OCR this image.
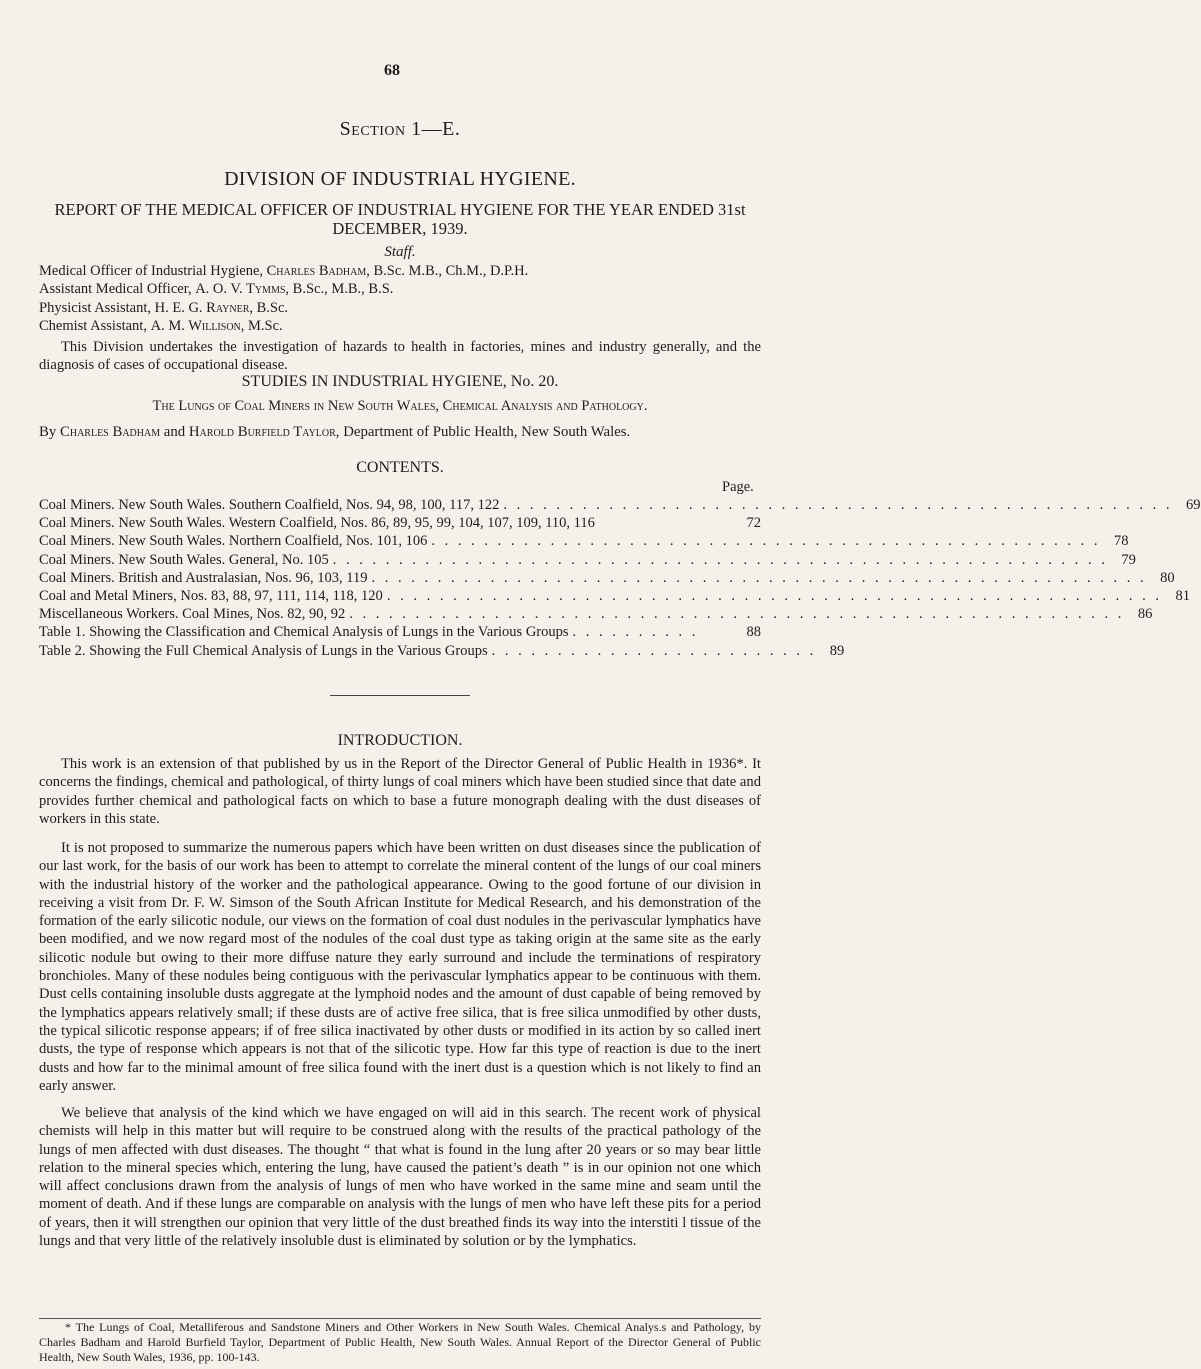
68
Section 1—E.
DIVISION OF INDUSTRIAL HYGIENE.
REPORT OF THE MEDICAL OFFICER OF INDUSTRIAL HYGIENE FOR THE YEAR ENDED 31st DECEMBER, 1939.
Staff.
Medical Officer of Industrial Hygiene, Charles Badham, B.Sc. M.B., Ch.M., D.P.H.
Assistant Medical Officer, A. O. V. Tymms, B.Sc., M.B., B.S.
Physicist Assistant, H. E. G. Rayner, B.Sc.
Chemist Assistant, A. M. Willison, M.Sc.
This Division undertakes the investigation of hazards to health in factories, mines and industry generally, and the diagnosis of cases of occupational disease.
STUDIES IN INDUSTRIAL HYGIENE, No. 20.
The Lungs of Coal Miners in New South Wales, Chemical Analysis and Pathology.
By Charles Badham and Harold Burfield Taylor, Department of Public Health, New South Wales.
CONTENTS.
Page.
Coal Miners. New South Wales. Southern Coalfield, Nos. 94, 98, 100, 117, 122 . . . . . . . . . . . . . . . . . . . . . . . . . . . . . . . . . . . . . . . . . . . . . . . . . . . 69
Coal Miners. New South Wales. Western Coalfield, Nos. 86, 89, 95, 99, 104, 107, 109, 110, 116	72
Coal Miners. New South Wales. Northern Coalfield, Nos. 101, 106 . . . . . . . . . . . . . . . . . . . . . . . . . . . . . . . . . . . . . . . . . . . . . . . . . . . 78
Coal Miners. New South Wales. General, No. 105 . . . . . . . . . . . . . . . . . . . . . . . . . . . . . . . . . . . . . . . . . . . . . . . . . . . . . . . . . . . 79
Coal Miners. British and Australasian, Nos. 96, 103, 119 . . . . . . . . . . . . . . . . . . . . . . . . . . . . . . . . . . . . . . . . . . . . . . . . . . . . . . . . . . . 80
Coal and Metal Miners, Nos. 83, 88, 97, 111, 114, 118, 120 . . . . . . . . . . . . . . . . . . . . . . . . . . . . . . . . . . . . . . . . . . . . . . . . . . . . . . . . . . . 81
Miscellaneous Workers. Coal Mines, Nos. 82, 90, 92 . . . . . . . . . . . . . . . . . . . . . . . . . . . . . . . . . . . . . . . . . . . . . . . . . . . . . . . . . . . 86
Table 1. Showing the Classification and Chemical Analysis of Lungs in the Various Groups . . . . . . . . . .	88
Table 2. Showing the Full Chemical Analysis of Lungs in the Various Groups . . . . . . . . . . . . . . . . . . . . . . . . . 89
INTRODUCTION.
This work is an extension of that published by us in the Report of the Director General of Public Health in 1936*. It concerns the findings, chemical and pathological, of thirty lungs of coal miners which have been studied since that date and provides further chemical and pathological facts on which to base a future monograph dealing with the dust diseases of workers in this state.
It is not proposed to summarize the numerous papers which have been written on dust diseases since the publication of our last work, for the basis of our work has been to attempt to correlate the mineral content of the lungs of our coal miners with the industrial history of the worker and the pathological appearance. Owing to the good fortune of our division in receiving a visit from Dr. F. W. Simson of the South African Institute for Medical Research, and his demonstration of the formation of the early silicotic nodule, our views on the formation of coal dust nodules in the perivascular lymphatics have been modified, and we now regard most of the nodules of the coal dust type as taking origin at the same site as the early silicotic nodule but owing to their more diffuse nature they early surround and include the terminations of respiratory bronchioles. Many of these nodules being contiguous with the perivascular lymphatics appear to be continuous with them. Dust cells containing insoluble dusts aggregate at the lymphoid nodes and the amount of dust capable of being removed by the lymphatics appears relatively small; if these dusts are of active free silica, that is free silica unmodified by other dusts, the typical silicotic response appears; if of free silica inactivated by other dusts or modified in its action by so called inert dusts, the type of response which appears is not that of the silicotic type. How far this type of reaction is due to the inert dusts and how far to the minimal amount of free silica found with the inert dust is a question which is not likely to find an early answer.
We believe that analysis of the kind which we have engaged on will aid in this search. The recent work of physical chemists will help in this matter but will require to be construed along with the results of the practical pathology of the lungs of men affected with dust diseases. The thought “ that what is found in the lung after 20 years or so may bear little relation to the mineral species which, entering the lung, have caused the patient’s death ” is in our opinion not one which will affect conclusions drawn from the analysis of lungs of men who have worked in the same mine and seam until the moment of death. And if these lungs are comparable on analysis with the lungs of men who have left these pits for a period of years, then it will strengthen our opinion that very little of the dust breathed finds its way into the interstiti l tissue of the lungs and that very little of the relatively insoluble dust is eliminated by solution or by the lymphatics.
* The Lungs of Coal, Metalliferous and Sandstone Miners and Other Workers in New South Wales. Chemical Analys.s and Pathology, by Charles Badham and Harold Burfield Taylor, Department of Public Health, New South Wales. Annual Report of the Director General of Public Health, New South Wales, 1936, pp. 100-143.
